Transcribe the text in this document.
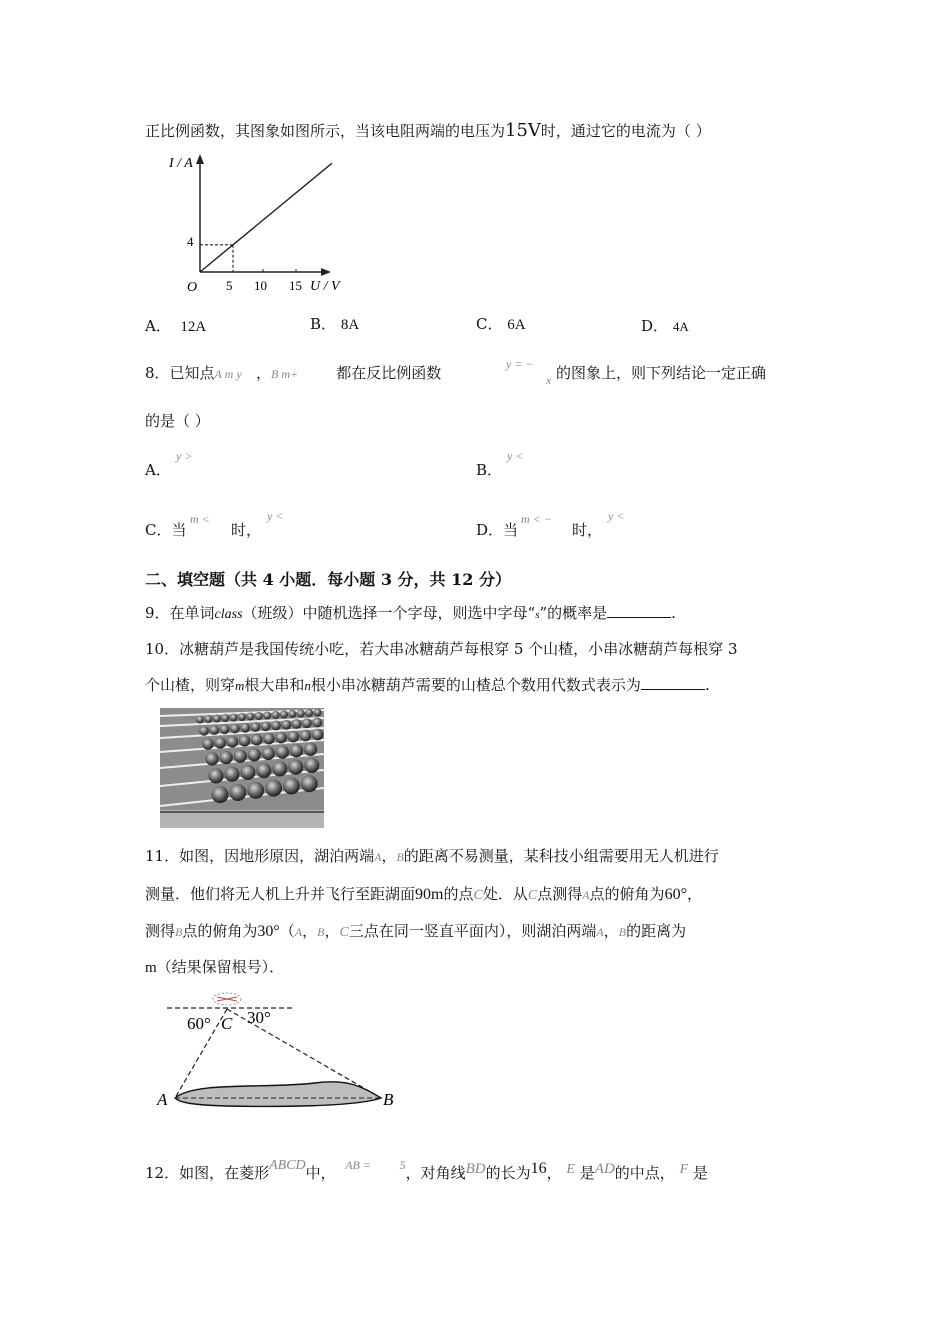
正比例函数，其图象如图所示，当该电阻两端的电压为15V时，通过它的电流为（ ）
I / A
U / V
O
4
5 10 15
A． 12A	B． 8A	C． 6A	D． 4A
8．已知点A m y ，B m+	都在反比例函数	y = −
x 的图象上，则下列结论一定正确
的是（ ）
A．
y >
B．
y <
C．当
m <
时，
y <
D．当
m < −
时，
y <
二、填空题（共 4 小题．每小题 3 分，共 12 分）
9．在单词class（班级）中随机选择一个字母，则选中字母“s”的概率是	.
10．冰糖葫芦是我国传统小吃，若大串冰糖葫芦每根穿 5 个山楂，小串冰糖葫芦每根穿 3
个山楂，则穿m根大串和n根小串冰糖葫芦需要的山楂总个数用代数式表示为	.
11．如图，因地形原因，湖泊两端A，B的距离不易测量，某科技小组需要用无人机进行
测量．他们将无人机上升并飞行至距湖面90m的点C处．从C点测得A点的俯角为60°，
测得B点的俯角为30°（A，B，C三点在同一竖直平面内），则湖泊两端A，B的距离为
m（结果保留根号）．
60° C 30°
A	B
12．如图，在菱形ABCD中， $^{AB =}$ $^5$，对角线BD的长为16， E 是AD的中点， F 是
